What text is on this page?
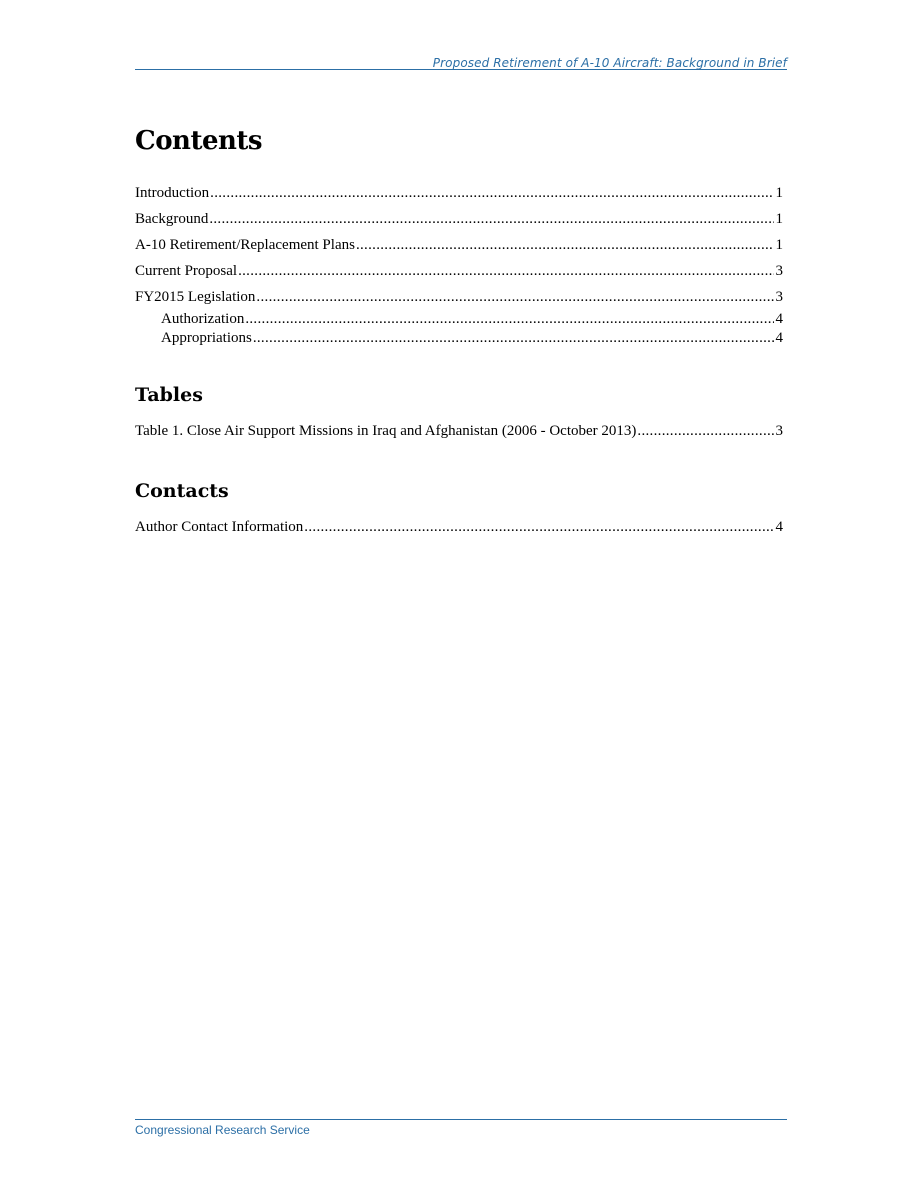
Proposed Retirement of A-10 Aircraft: Background in Brief
Contents
Introduction .....	1
Background .....	1
A-10 Retirement/Replacement Plans .....	1
Current Proposal .....	3
FY2015 Legislation .....	3
Authorization .....	4
Appropriations .....	4
Tables
Table 1. Close Air Support Missions in Iraq and Afghanistan (2006 - October 2013) .....	3
Contacts
Author Contact Information .....	4
Congressional Research Service
